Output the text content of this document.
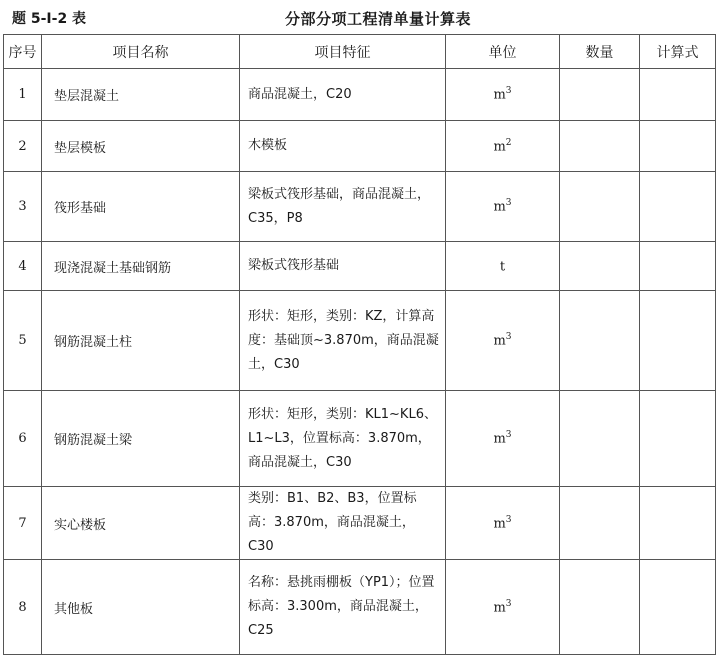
题 5-Ⅰ-2 表	分部分项工程清单量计算表
序号	项目名称	项目特征	单位	数量	计算式
1	垫层混凝土	商品混凝土，C20	$m^3$		
2	垫层模板	木模板	$m^2$		
3	筏形基础	梁板式筏形基础，商品混凝土，C35，P8	$m^3$		
4	现浇混凝土基础钢筋	梁板式筏形基础	t		
5	钢筋混凝土柱	形状：矩形，类别：KZ，计算高度：基础顶~3.870m，商品混凝土，C30	$m^3$		
6	钢筋混凝土梁	形状：矩形，类别：KL1~KL6、L1~L3，位置标高：3.870m，商品混凝土，C30	$m^3$		
7	实心楼板	类别：B1、B2、B3，位置标高：3.870m，商品混凝土，C30	$m^3$		
8	其他板	名称：悬挑雨棚板（YP1）；位置标高：3.300m，商品混凝土，C25	$m^3$		
